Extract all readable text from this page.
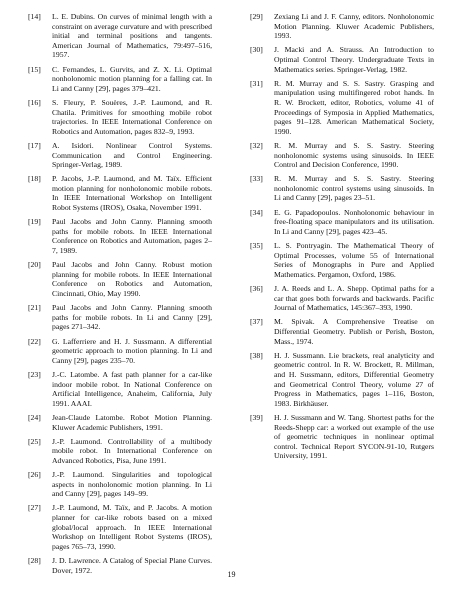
[14]	L. E. Dubins. On curves of minimal length with a constraint on average curvature and with prescribed initial and terminal positions and tangents. American Journal of Mathematics, 79:497–516, 1957.
[15]	C. Fernandes, L. Gurvits, and Z. X. Li. Optimal nonholonomic motion planning for a falling cat. In Li and Canny [29], pages 379–421.
[16]	S. Fleury, P. Souères, J.-P. Laumond, and R. Chatila. Primitives for smoothing mobile robot trajectories. In IEEE International Conference on Robotics and Automation, pages 832–9, 1993.
[17]	A. Isidori. Nonlinear Control Systems. Communication and Control Engineering. Springer-Verlag, 1989.
[18]	P. Jacobs, J.-P. Laumond, and M. Taïx. Efficient motion planning for nonholonomic mobile robots. In IEEE International Workshop on Intelligent Robot Systems (IROS), Osaka, November 1991.
[19]	Paul Jacobs and John Canny. Planning smooth paths for mobile robots. In IEEE International Conference on Robotics and Automation, pages 2–7, 1989.
[20]	Paul Jacobs and John Canny. Robust motion planning for mobile robots. In IEEE International Conference on Robotics and Automation, Cincinnati, Ohio, May 1990.
[21]	Paul Jacobs and John Canny. Planning smooth paths for mobile robots. In Li and Canny [29], pages 271–342.
[22]	G. Lafferriere and H. J. Sussmann. A differential geometric approach to motion planning. In Li and Canny [29], pages 235–70.
[23]	J.-C. Latombe. A fast path planner for a car-like indoor mobile robot. In National Conference on Artificial Intelligence, Anaheim, California, July 1991. AAAI.
[24]	Jean-Claude Latombe. Robot Motion Planning. Kluwer Academic Publishers, 1991.
[25]	J.-P. Laumond. Controllability of a multibody mobile robot. In International Conference on Advanced Robotics, Pisa, June 1991.
[26]	J.-P. Laumond. Singularities and topological aspects in nonholonomic motion planning. In Li and Canny [29], pages 149–99.
[27]	J.-P. Laumond, M. Taïx, and P. Jacobs. A motion planner for car-like robots based on a mixed global/local approach. In IEEE International Workshop on Intelligent Robot Systems (IROS), pages 765–73, 1990.
[28]	J. D. Lawrence. A Catalog of Special Plane Curves. Dover, 1972.
[29]	Zexiang Li and J. F. Canny, editors. Nonholonomic Motion Planning. Kluwer Academic Publishers, 1993.
[30]	J. Macki and A. Strauss. An Introduction to Optimal Control Theory. Undergraduate Texts in Mathematics series. Springer-Verlag, 1982.
[31]	R. M. Murray and S. S. Sastry. Grasping and manipulation using multifingered robot hands. In R. W. Brockett, editor, Robotics, volume 41 of Proceedings of Symposia in Applied Mathematics, pages 91–128. American Mathematical Society, 1990.
[32]	R. M. Murray and S. S. Sastry. Steering nonholonomic systems using sinusoids. In IEEE Control and Decision Conference, 1990.
[33]	R. M. Murray and S. S. Sastry. Steering nonholonomic control systems using sinusoids. In Li and Canny [29], pages 23–51.
[34]	E. G. Papadopoulos. Nonholonomic behaviour in free-floating space manipulators and its utilisation. In Li and Canny [29], pages 423–45.
[35]	L. S. Pontryagin. The Mathematical Theory of Optimal Processes, volume 55 of International Series of Monographs in Pure and Applied Mathematics. Pergamon, Oxford, 1986.
[36]	J. A. Reeds and L. A. Shepp. Optimal paths for a car that goes both forwards and backwards. Pacific Journal of Mathematics, 145:367–393, 1990.
[37]	M. Spivak. A Comprehensive Treatise on Differential Geometry. Publish or Perish, Boston, Mass., 1974.
[38]	H. J. Sussmann. Lie brackets, real analyticity and geometric control. In R. W. Brockett, R. Millman, and H. Sussmann, editors, Differential Geometry and Geometrical Control Theory, volume 27 of Progress in Mathematics, pages 1–116, Boston, 1983. Birkhäuser.
[39]	H. J. Sussmann and W. Tang. Shortest paths for the Reeds-Shepp car: a worked out example of the use of geometric techniques in nonlinear optimal control. Technical Report SYCON-91-10, Rutgers University, 1991.
19
